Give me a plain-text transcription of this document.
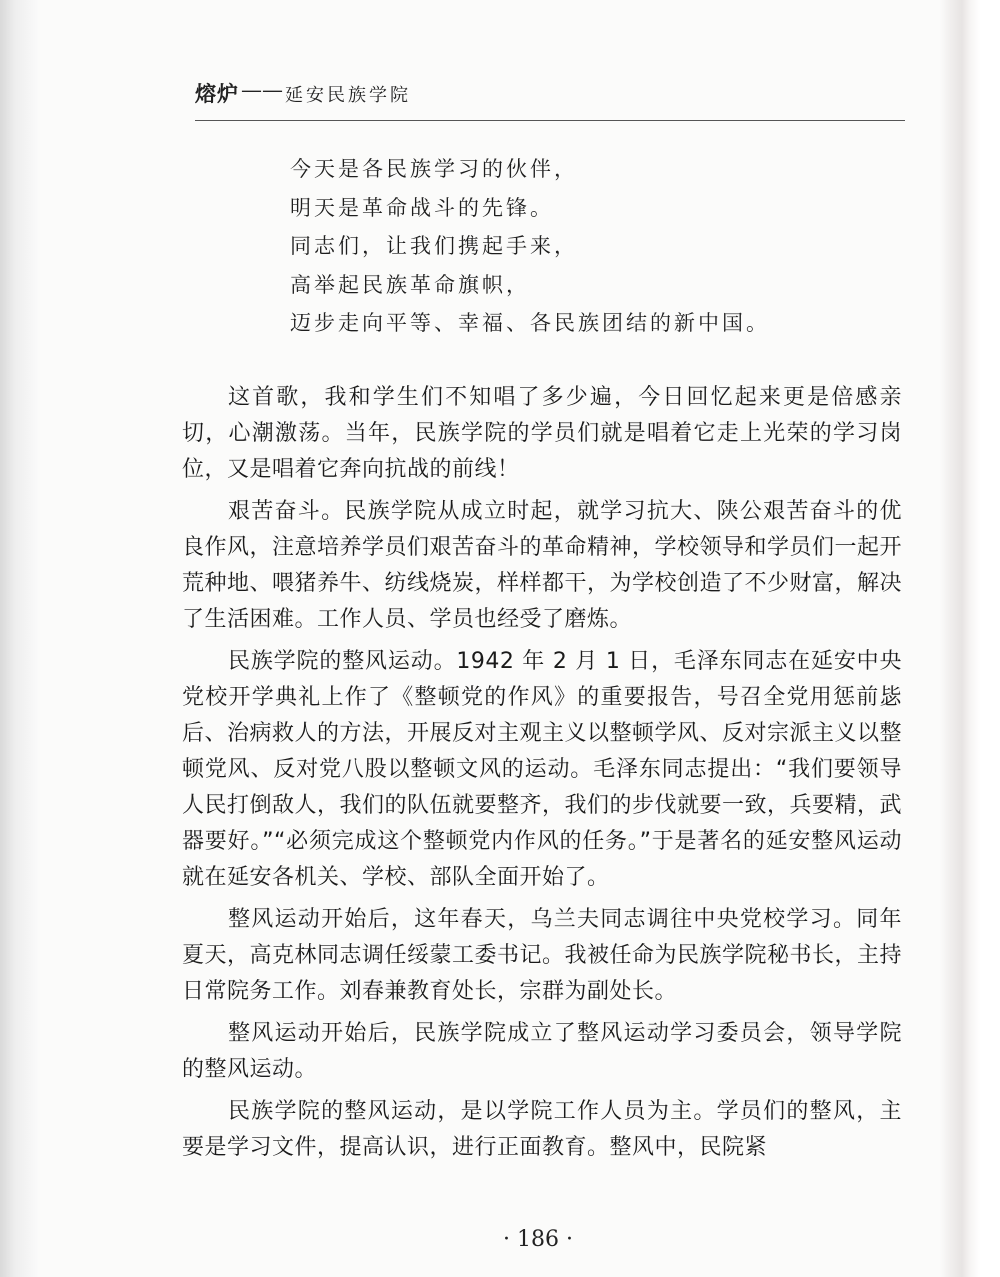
熔炉 —— 延安民族学院
今天是各民族学习的伙伴，
明天是革命战斗的先锋。
同志们，让我们携起手来，
高举起民族革命旗帜，
迈步走向平等、幸福、各民族团结的新中国。

这首歌，我和学生们不知唱了多少遍，今日回忆起来更是倍感亲切，心潮激荡。当年，民族学院的学员们就是唱着它走上光荣的学习岗位，又是唱着它奔向抗战的前线！

艰苦奋斗。民族学院从成立时起，就学习抗大、陕公艰苦奋斗的优良作风，注意培养学员们艰苦奋斗的革命精神，学校领导和学员们一起开荒种地、喂猪养牛、纺线烧炭，样样都干，为学校创造了不少财富，解决了生活困难。工作人员、学员也经受了磨炼。

民族学院的整风运动。1942 年 2 月 1 日，毛泽东同志在延安中央党校开学典礼上作了《整顿党的作风》的重要报告，号召全党用惩前毖后、治病救人的方法，开展反对主观主义以整顿学风、反对宗派主义以整顿党风、反对党八股以整顿文风的运动。毛泽东同志提出：“我们要领导人民打倒敌人，我们的队伍就要整齐，我们的步伐就要一致，兵要精，武器要好。”“必须完成这个整顿党内作风的任务。”于是著名的延安整风运动就在延安各机关、学校、部队全面开始了。

整风运动开始后，这年春天，乌兰夫同志调往中央党校学习。同年夏天，高克林同志调任绥蒙工委书记。我被任命为民族学院秘书长，主持日常院务工作。刘春兼教育处长，宗群为副处长。

整风运动开始后，民族学院成立了整风运动学习委员会，领导学院的整风运动。

民族学院的整风运动，是以学院工作人员为主。学员们的整风，主要是学习文件，提高认识，进行正面教育。整风中，民院紧

· 186 ·
